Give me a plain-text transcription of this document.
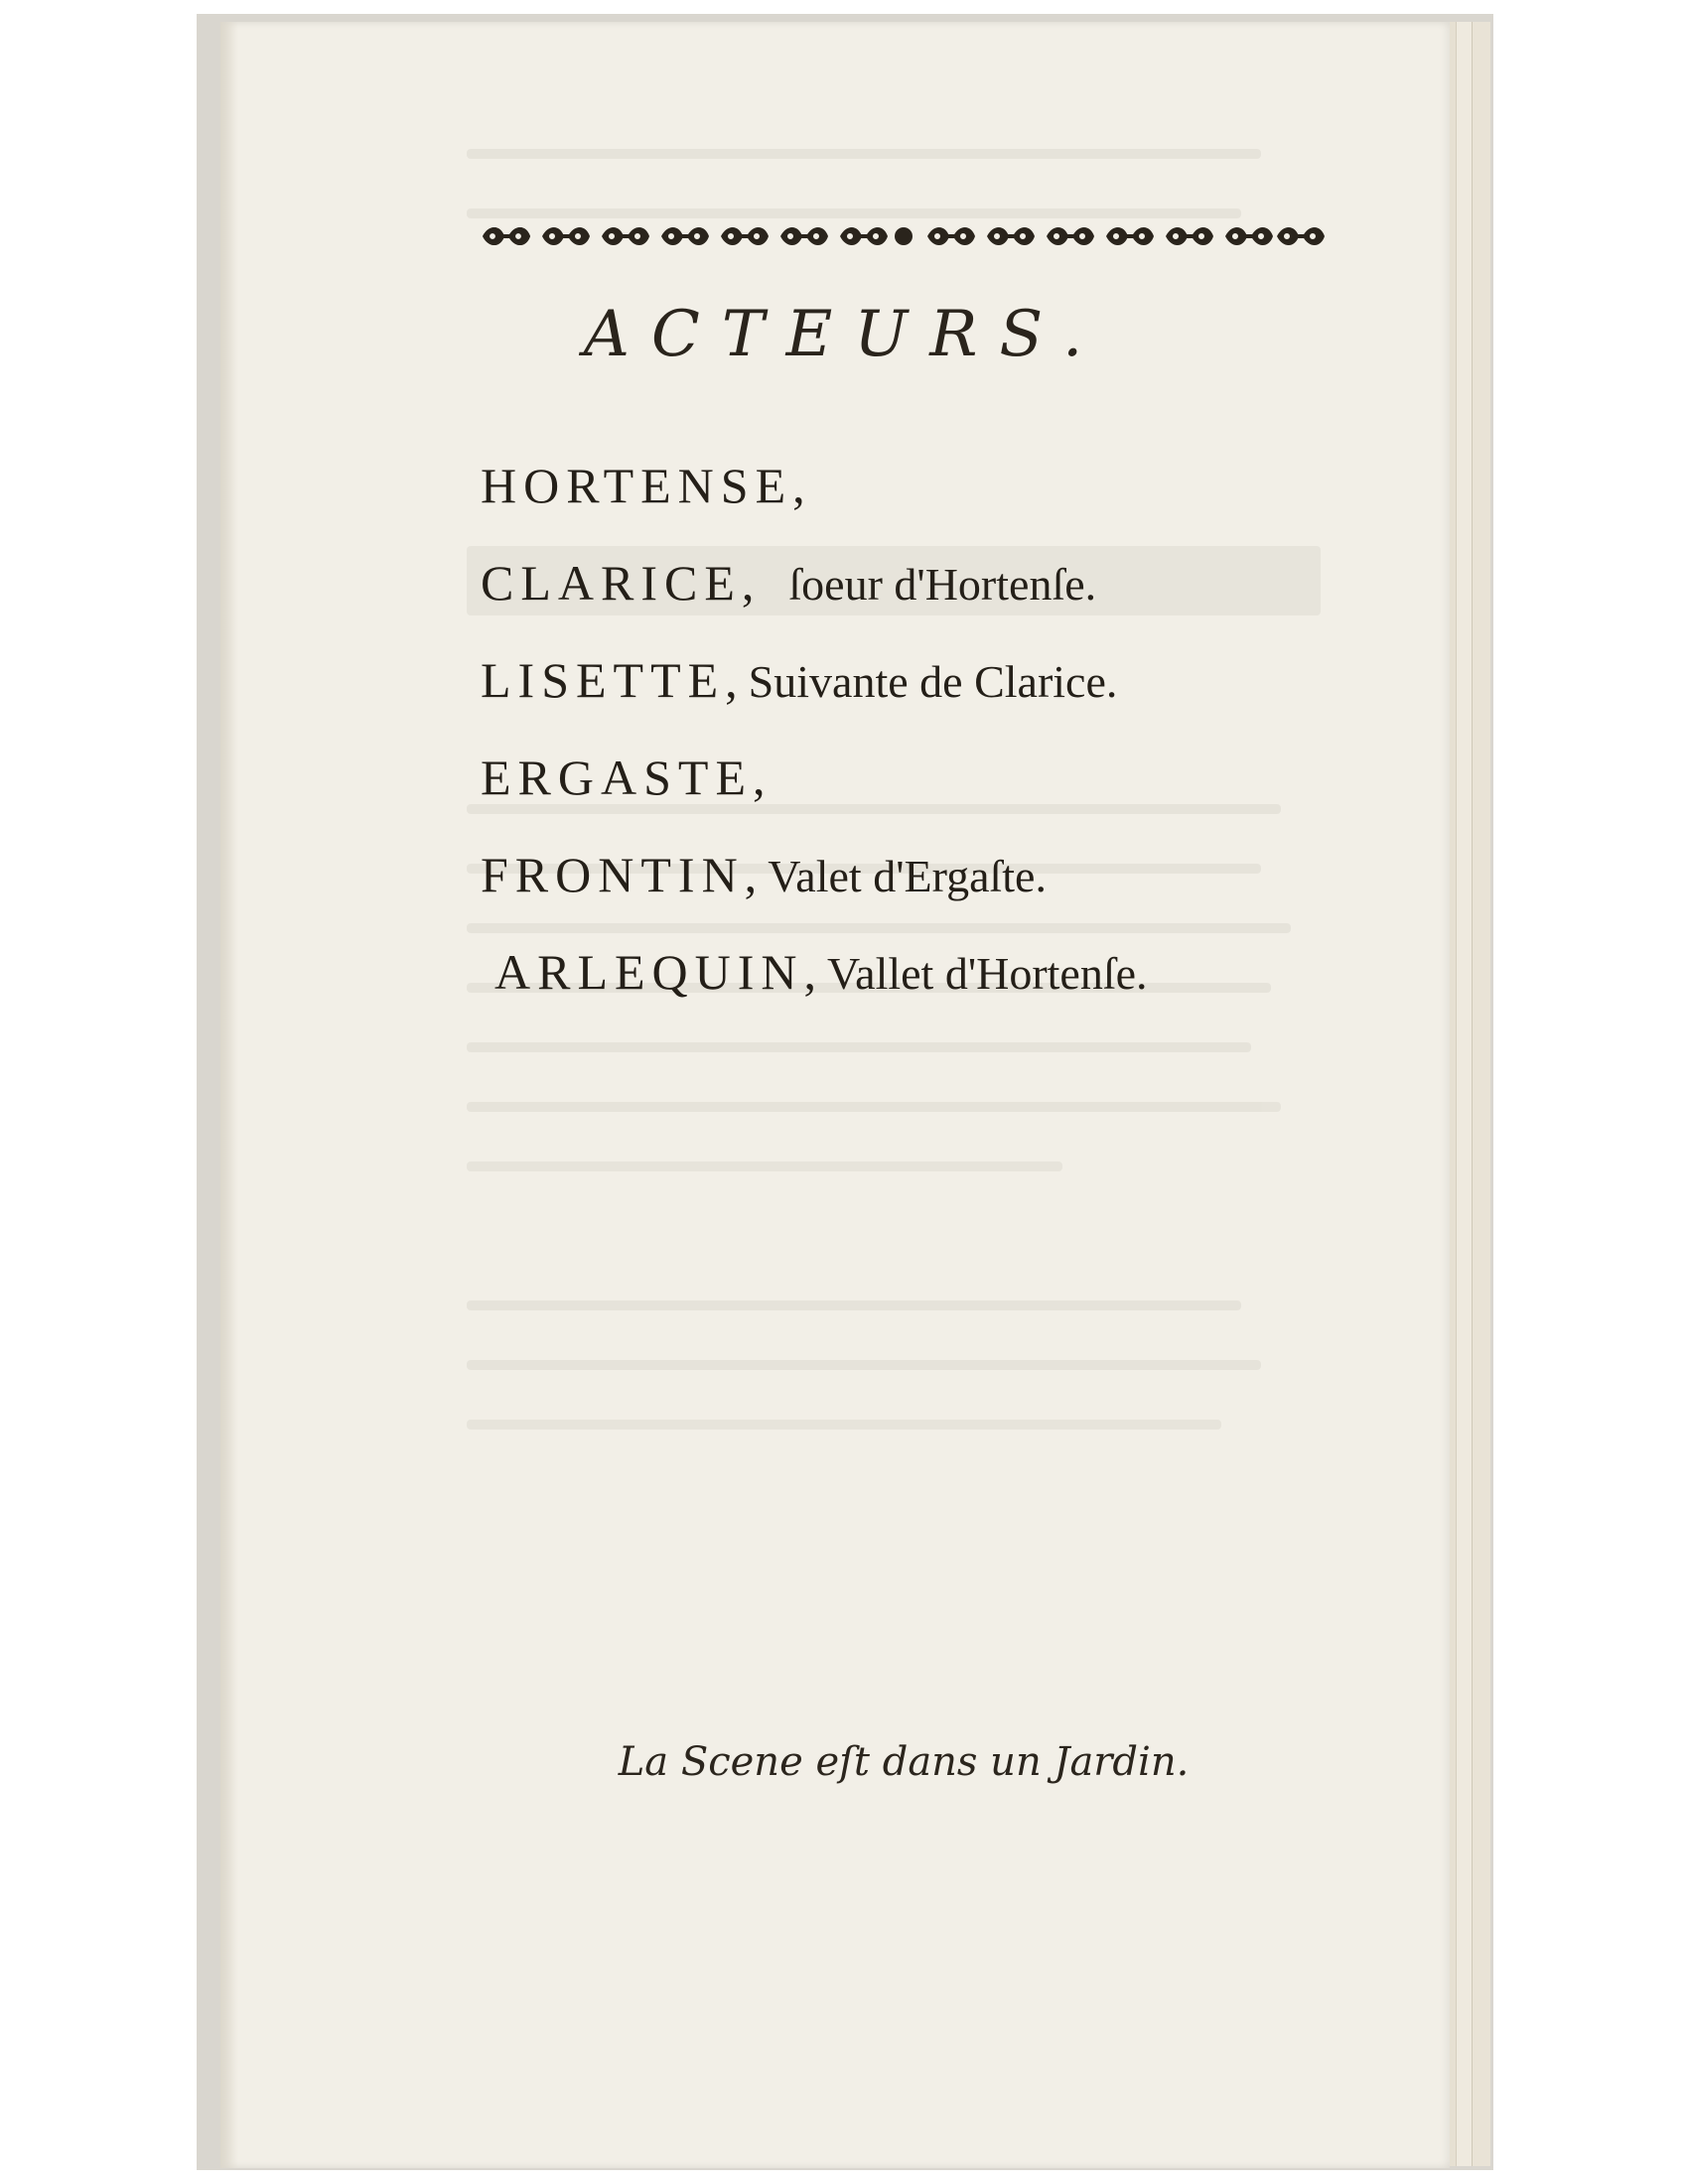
ACTEURS.
HORTENSE,
CLARICE, ſoeur d'Hortenſe.
LISETTE, Suivante de Clarice.
ERGASTE,
FRONTIN, Valet d'Ergaſte.
ARLEQUIN, Vallet d'Hortenſe.
La Scene eſt dans un Jardin.
